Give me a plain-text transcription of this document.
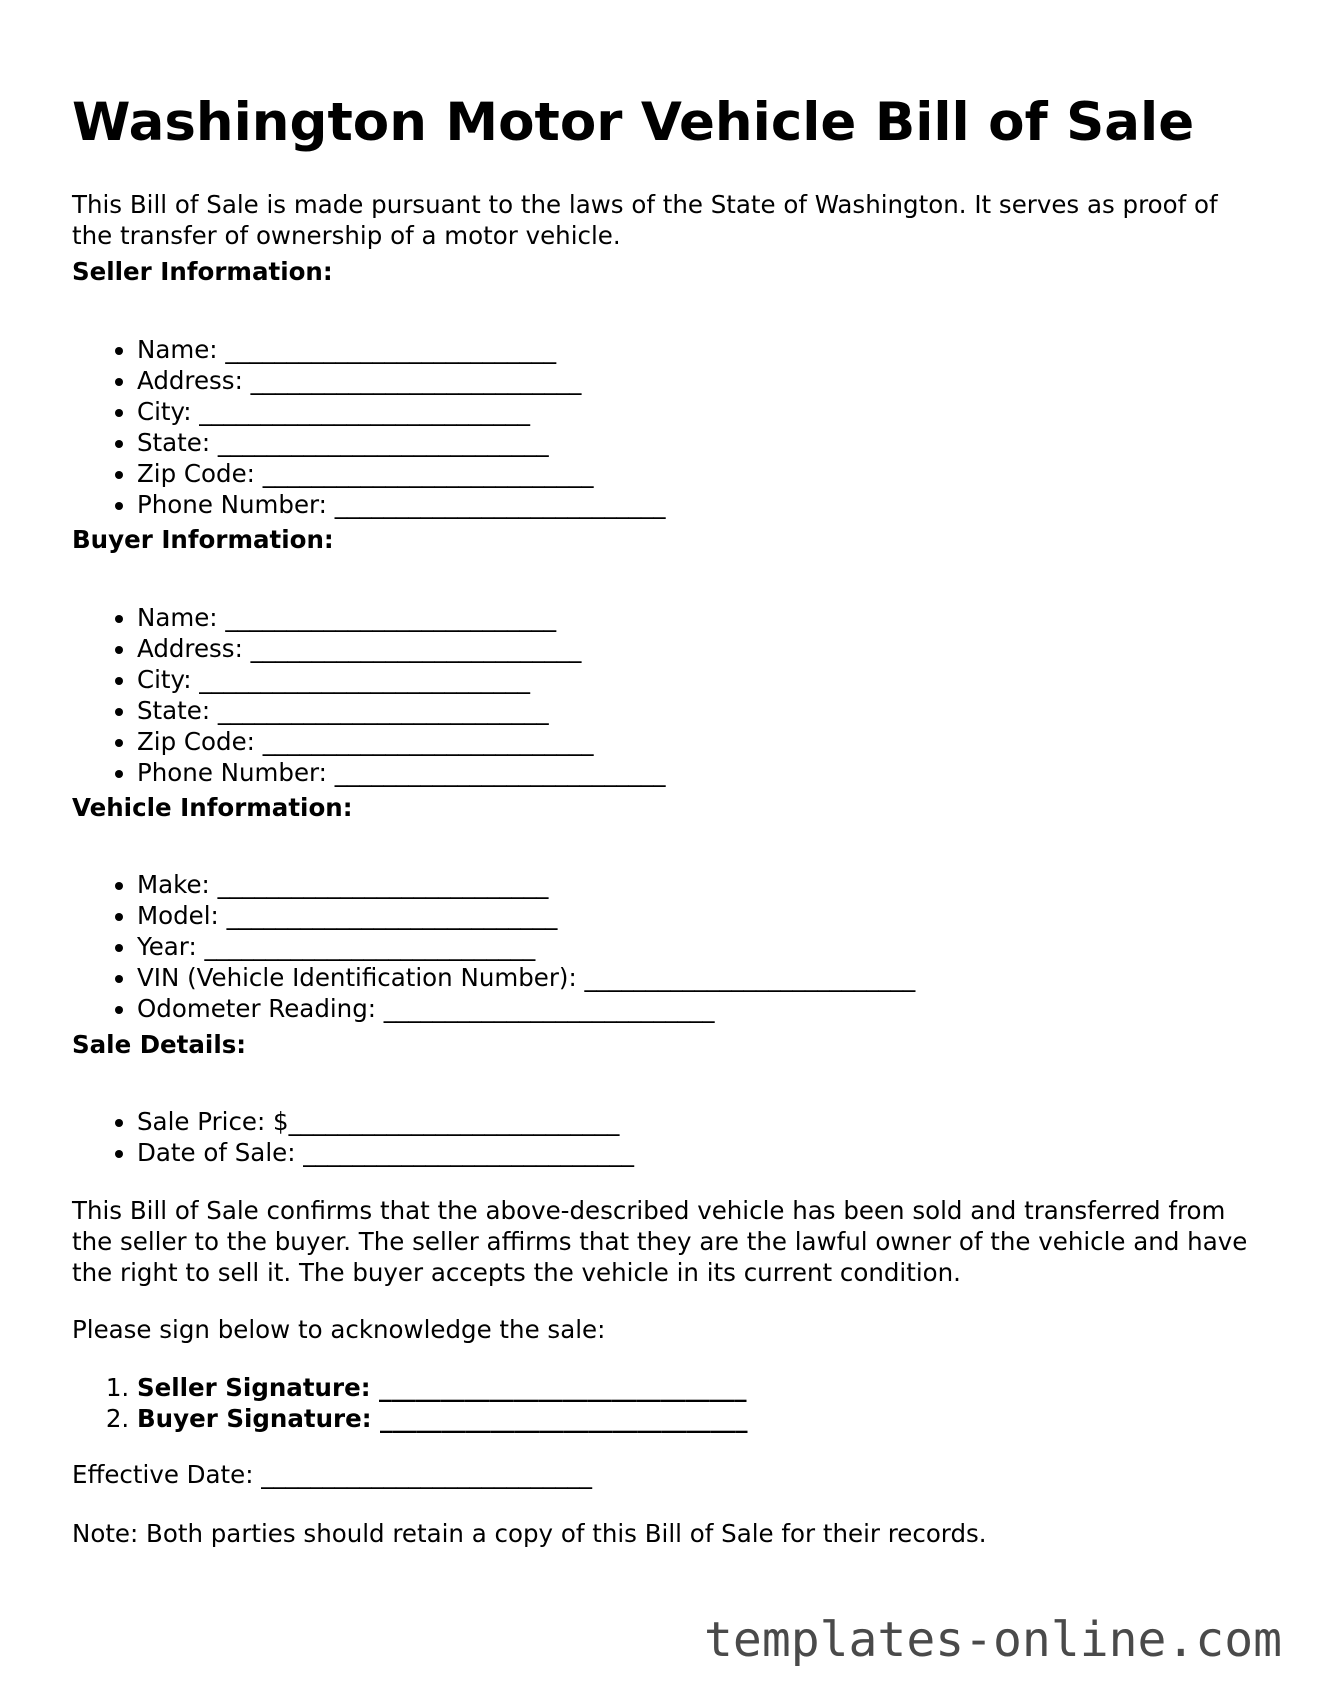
Washington Motor Vehicle Bill of Sale

This Bill of Sale is made pursuant to the laws of the State of Washington. It serves as proof of the transfer of ownership of a motor vehicle.

Seller Information:

• Name: ___________________________
• Address: ___________________________
• City: ___________________________
• State: ___________________________
• Zip Code: ___________________________
• Phone Number: ___________________________

Buyer Information:

• Name: ___________________________
• Address: ___________________________
• City: ___________________________
• State: ___________________________
• Zip Code: ___________________________
• Phone Number: ___________________________

Vehicle Information:

• Make: ___________________________
• Model: ___________________________
• Year: ___________________________
• VIN (Vehicle Identification Number): ___________________________
• Odometer Reading: ___________________________

Sale Details:

• Sale Price: $___________________________
• Date of Sale: ___________________________

This Bill of Sale confirms that the above-described vehicle has been sold and transferred from the seller to the buyer. The seller affirms that they are the lawful owner of the vehicle and have the right to sell it. The buyer accepts the vehicle in its current condition.

Please sign below to acknowledge the sale:

1. Seller Signature: ______________________________
2. Buyer Signature: ______________________________

Effective Date: ___________________________

Note: Both parties should retain a copy of this Bill of Sale for their records.

templates-online.com
